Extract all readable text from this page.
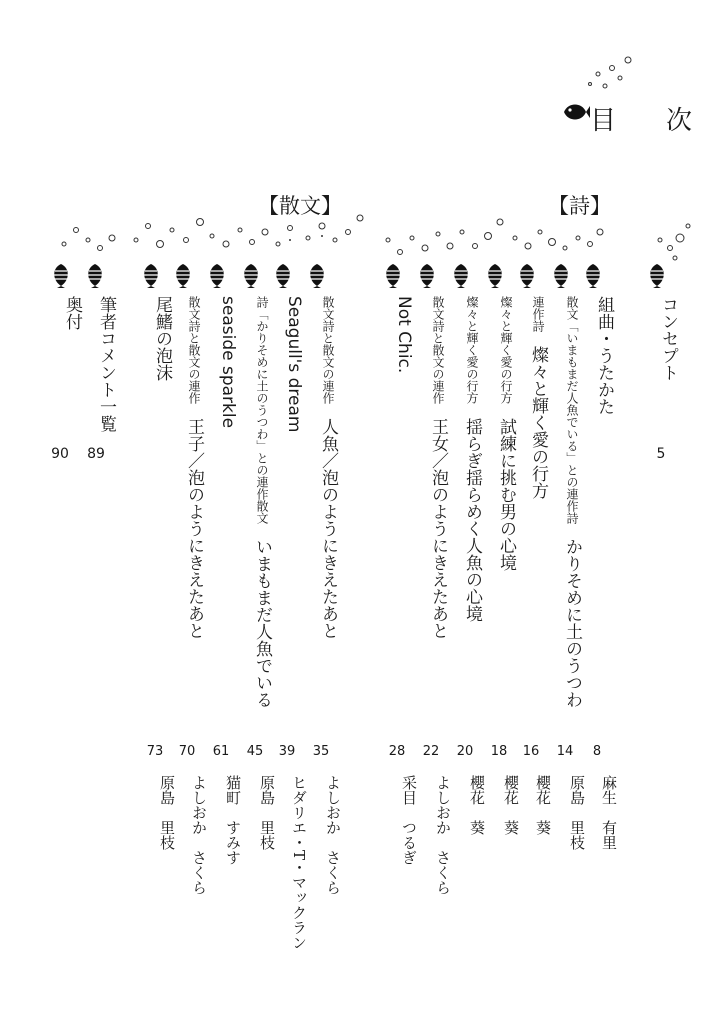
目　次
【詩】
【散文】
コンセプト
5
組曲・うたかた
散文「いまもまだ人魚でいる」との連作詩かりそめに土のうつわ
連作詩燦々と輝く愛の行方
燦々と輝く愛の行方試練に挑む男の心境
燦々と輝く愛の行方揺らぎ揺らめく人魚の心境
散文詩と散文の連作王女／泡のようにきえたあと
Not Chic.
散文詩と散文の連作人魚／泡のようにきえたあと
Seagull's dream
詩「かりそめに土のうつわ」との連作散文いまもまだ人魚でいる
seaside sparkle
散文詩と散文の連作王子／泡のようにきえたあと
尾鰭の泡沫
筆者コメント一覧
奥付
89
90
8
14
16
18
20
22
28
35
39
45
61
70
73
麻生　有里
原島　里枝
櫻花　葵
櫻花　葵
櫻花　葵
よしおか　さくら
采目　つるぎ
よしおか　さくら
ヒダリエ・T・マックラン
原島　里枝
猫町　すみす
よしおか　さくら
原島　里枝
